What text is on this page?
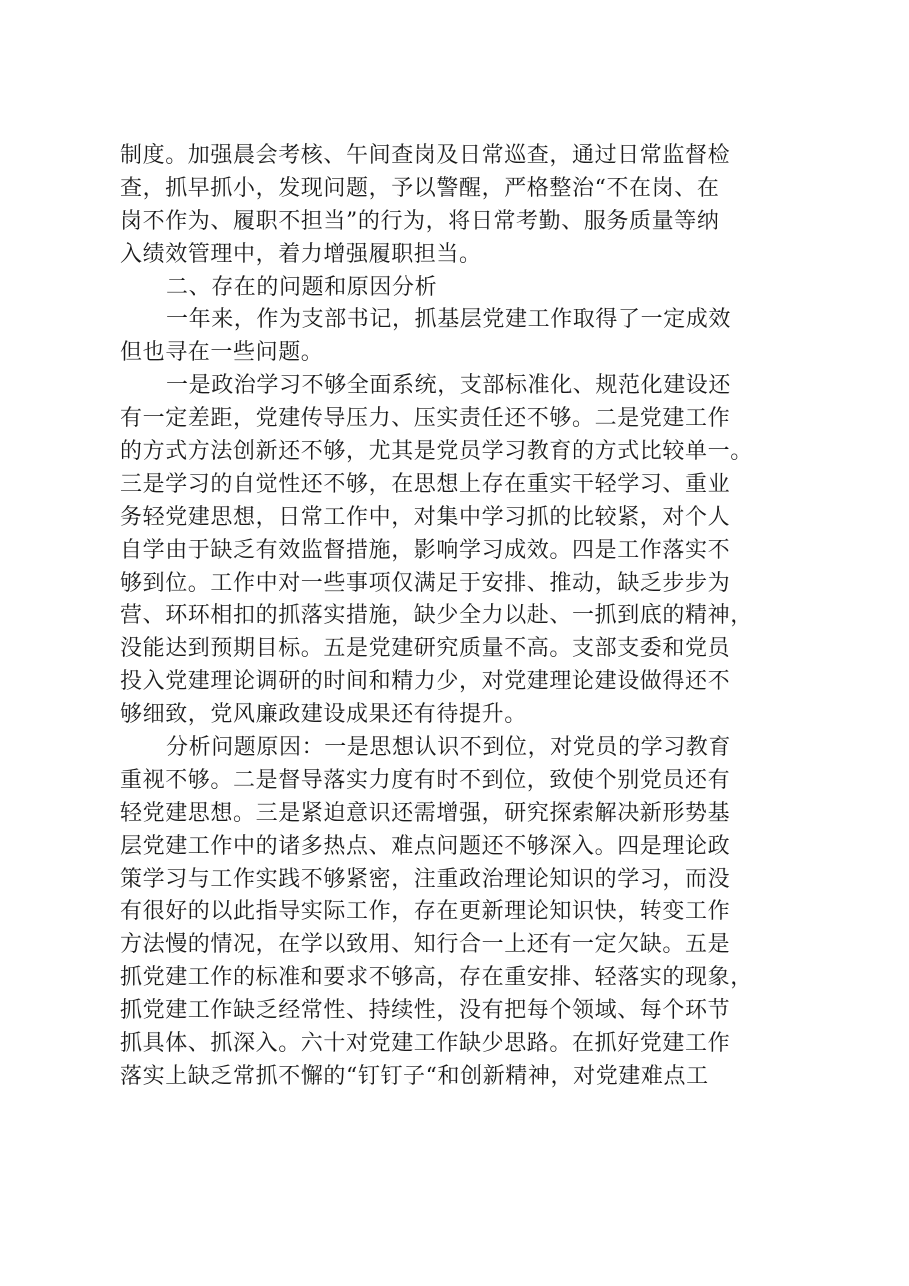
制度。加强晨会考核、午间查岗及日常巡查，通过日常监督检
查，抓早抓小，发现问题，予以警醒，严格整治“不在岗、在
岗不作为、履职不担当”的行为，将日常考勤、服务质量等纳
入绩效管理中，着力增强履职担当。
二、存在的问题和原因分析
一年来，作为支部书记，抓基层党建工作取得了一定成效
但也寻在一些问题。
一是政治学习不够全面系统，支部标准化、规范化建设还
有一定差距，党建传导压力、压实责任还不够。二是党建工作
的方式方法创新还不够，尤其是党员学习教育的方式比较单一。
三是学习的自觉性还不够，在思想上存在重实干轻学习、重业
务轻党建思想，日常工作中，对集中学习抓的比较紧，对个人
自学由于缺乏有效监督措施，影响学习成效。四是工作落实不
够到位。工作中对一些事项仅满足于安排、推动，缺乏步步为
营、环环相扣的抓落实措施，缺少全力以赴、一抓到底的精神，
没能达到预期目标。五是党建研究质量不高。支部支委和党员
投入党建理论调研的时间和精力少，对党建理论建设做得还不
够细致，党风廉政建设成果还有待提升。
分析问题原因：一是思想认识不到位，对党员的学习教育
重视不够。二是督导落实力度有时不到位，致使个别党员还有
轻党建思想。三是紧迫意识还需增强，研究探索解决新形势基
层党建工作中的诸多热点、难点问题还不够深入。四是理论政
策学习与工作实践不够紧密，注重政治理论知识的学习，而没
有很好的以此指导实际工作，存在更新理论知识快，转变工作
方法慢的情况，在学以致用、知行合一上还有一定欠缺。五是
抓党建工作的标准和要求不够高，存在重安排、轻落实的现象，
抓党建工作缺乏经常性、持续性，没有把每个领域、每个环节
抓具体、抓深入。六十对党建工作缺少思路。在抓好党建工作
落实上缺乏常抓不懈的“钉钉子“和创新精神，对党建难点工
